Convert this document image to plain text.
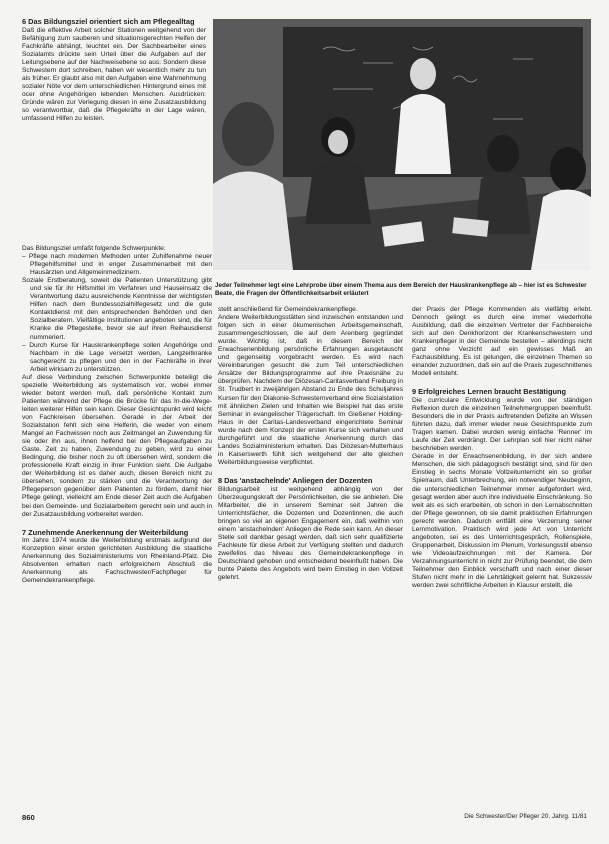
6 Das Bildungsziel orientiert sich am Pflegealltag

Daß die effektive Arbeit solcher Stationen weitgehend von der Befähigung zum sauberen und situationsgerechten Helfen der Fachkräfte abhängt, leuchtet ein. Der Sachbearbeiter eines Sozialamts drückte sein Urteil über die Aufgaben auf der Leitungsebene auf der Nachweisebene so aus: Sondern diese Schwestern dort schreiben, haben wir wesentlich mehr zu tun als früher. Er glaubt also mit den Aufgaben eine Wahrnehmung sozialer Nöte vor dem unterschiedlichen Hintergrund eines mit ocer ohne Angehörigen lebenden Menschen. Ausdrücken: Gründe wären zur Verlegung diesen in eine Zusatzausbildung so verantwortbar, daß die Pflegekräfte in der Lage wären, umfassend Hilfen zu leisten.

Das Bildungsziel umfaßt folgende Schwerpunkte:

– Pflege nach modernen Methoden unter Zuhilfenahme neuer Pflegehilfsmittel und in enger Zusammenarbeit mit den Hausärzten und Allgemeinmedizinern.

Soziale Erstberatung, soweit die Patienten Unterstützung gibt und sie für ihr Hilfsmittel im Verfahren und Hauseinsatz die Verantwortung dazu ausreichende Kenntnisse der wichtigsten Hilfen nach dem Bundessozialhilfegesetz und die gute Kontaktdienst mit den entsprechenden Behörden und den Sozialberatern. Vielfältige Institutionen angeboten sind, die für Kranke die Pflegestelle, bevor sie auf ihren Reihausdienst nummeriert.

– Durch Kurse für Hauskrankenpflege sollen Angehörige und Nachbarn in die Lage versetzt werden, Langzeitkranke sachgerecht zu pflegen und den in der Fachkräfte in ihrer Arbeit wirksam zu unterstützen.

Auf diese Verbindung zwischen Schwerpunkte beteiligt die spezielle Weiterbildung als systematisch vor, wobei immer wieder betont werden muß, daß persönliche Kontakt zum Patienten während der Pflege die Brücke für das In-die-Wege-leiten weiterer Hilfen sein kann. Dieser Gesichtspunkt wird leicht von Fachkreisen übersehen. Gerade in der Arbeit der Sozialstation fehlt sich eine Helferin, die weder von einem Mangel an Fachwissen noch aus Zeitmangel an Zuwendung für sie oder ihn aus, ihnen helfend bei den Pflegeaufgaben zu Gaste. Zeit zu haben, Zuwendung zu geben, wird zu einer Bedingung, die bisher noch zu oft übersehen wird, sondern die professionelle Kraft einzig in ihrer Funktion sieht. Die Aufgabe der Weiterbildung ist es daher auch, diesen Bereich nicht zu übersehen, sondern zu stärken und die Verantwortung der Pflegeperson gegenüber dem Patienten zu fördern, damit hier Pflege gelingt, vielleicht am Ende dieser Zeit auch die Aufgaben bei den Gemeinde- und Sozialarbeitern gerecht sein und auch in der Zusatzausbildung vorbereitet werden.

7 Zunehmende Anerkennung der Weiterbildung

Im Jahre 1974 wurde die Weiterbildung erstmals aufgrund der Konzeption einer ersten gerichteten Ausbildung die staatliche Anerkennung des Sozialministeriums von Rheinland-Pfalz. Die Absolventen erhalten nach erfolgreichem Abschluß die Anerkennung als Fachschwester/Fachpfleger für Gemeindekrankenpflege.

Jeder Teilnehmer legt eine Lehrprobe über einem Thema aus dem Bereich der Hauskrankenpflege ab – hier ist es Schwester Beate, die Fragen der Öffentlichkeitsarbeit erläutert

stellt anschließend für Gemeindekrankenpflege.

Andere Weiterbildungsstätten sind inzwischen entstanden und folgen sich in einer ökumenischen Arbeitsgemeinschaft, zusammengeschlossen, die auf dem Arenberg gegründet wurde. Wichtig ist, daß in diesem Bereich der Erwachsenenbildung persönliche Erfahrungen ausgetauscht und gegenseitig vorgebracht werden. Es wird nach Vereinbarungen gesucht die zum Teil unterschiedlichen Ansätze der Bildungsprogramme auf ihre Praxisnähe zu überprüfen. Nachdem der Diözesan-Caritasverband Freiburg in St. Trudbert in zweijährigen Abstand zu Ende des Schuljahres Kursen für den Diakonie-Schwesternverband eine Sozialstation mit ähnlichen Zielen und Inhalten wie Beispiel hat das erste Seminar in evangelischer Trägerschaft. Im Gießener Holding-Haus in der Caritas-Landesverband eingerichtete Seminar wurde nach dem Konzept der ersten Kurse sich verhalten und durchgeführt und die staatliche Anerkennung durch das Landes Sozialministerium erhalten. Das Diözesan-Mutterhaus in Kaiserswerth fühlt sich weitgehend der alte gleichen Weiterbildungsweise verpflichtet.

8 Das 'anstachelnde' Anliegen der Dozenten

Bildungsarbeit ist weitgehend abhängig von der Überzeugungskraft der Persönlichkeiten, die sie anbieten. Die Mitarbeiter, die in unserem Seminar seit Jahren die Unterrichtsfächer, die Dozenten und Dozentinnen, die auch bringen so viel an eigenen Engagement ein, daß weithin von einem 'anstachelnden' Anliegen die Rede sein kann. An dieser Stelle soll dankbar gesagt werden, daß sich sehr qualifizierte Fachleute für diese Arbeit zur Verfügung stellten und dadurch zweifellos das Niveau des Gemeindekrankenpflege in Deutschland gehoben und entscheidend beeinflußt haben. Die bunte Palette des Angebots wird beim Einstieg in den Vollzeit gelehrt.

der Praxis der Pflege Kommenden als vielfältig erlebt. Dennoch gelingt es durch eine immer wiederholte Ausbildung, daß die einzelnen Vertreter der Fachbereiche sich auf den Denkhorizont der Krankenschwestern und Krankenpfleger in der Gemeinde bestellen – allerdings nicht ganz ohne Verzicht auf ein gewisses Maß an Fachausbildung. Es ist gelungen, die einzelnen Themen so einander zuzuordnen, daß ein auf die Praxis zugeschnittenes Modell entsteht.

9 Erfolgreiches Lernen braucht Bestätigung

Die curriculare Entwicklung wurde von der ständigen Reflexion durch die einzelnen Teilnehmergruppen beeinflußt. Besonders die in der Praxis auftretenden Defizite an Wissen führten dazu, daß immer wieder neue Gesichtspunkte zum Tragen kamen. Dabei wurden wenig einfache 'Renner' im Laufe der Zeit verdrängt. Der Lehrplan soll hier nicht näher beschrieben werden.

Gerade in der Erwachsenenbildung, in der sich andere Menschen, die sich pädagogisch bestätigt sind, sind für den Einstieg in sechs Monate Vollzeitunterricht ein so großer Spielraum, daß Unterbrechung, ein notwendiger Neubeginn, die unterschiedlichen Teilnehmer immer aufgefordert wird, gesagt werden aber auch ihre individuelle Einschränkung. So weit als es sich erarbeiten, ob schon in den Lernabschnitten der Pflege gewonnen, ob sie damit praktischen Erfahrungen gerecht werden. Dadurch entfällt eine Verzerrung seiner Lernmotivation. Praktisch wird jede Art von Unterricht angeboten, sei es des Unterrichtsgespräch, Rollenspiele, Gruppenarbeit, Diskussion im Plenum, Vorlesungsstil ebenso wie Videoaufzeichnungen mit der Kamera. Der Verzahnungsunterricht in nicht zur Prüfung beendet, die dem Teilnehmer den Einblick verschafft und nach einer dieser Stufen nicht mehr in die Lehrtätigkeit gelernt hat. Sukzessiv werden zwei schriftliche Arbeiten in Klausur erstellt, die

860	Die Schwester/Der Pfleger 20. Jahrg. 11/81
